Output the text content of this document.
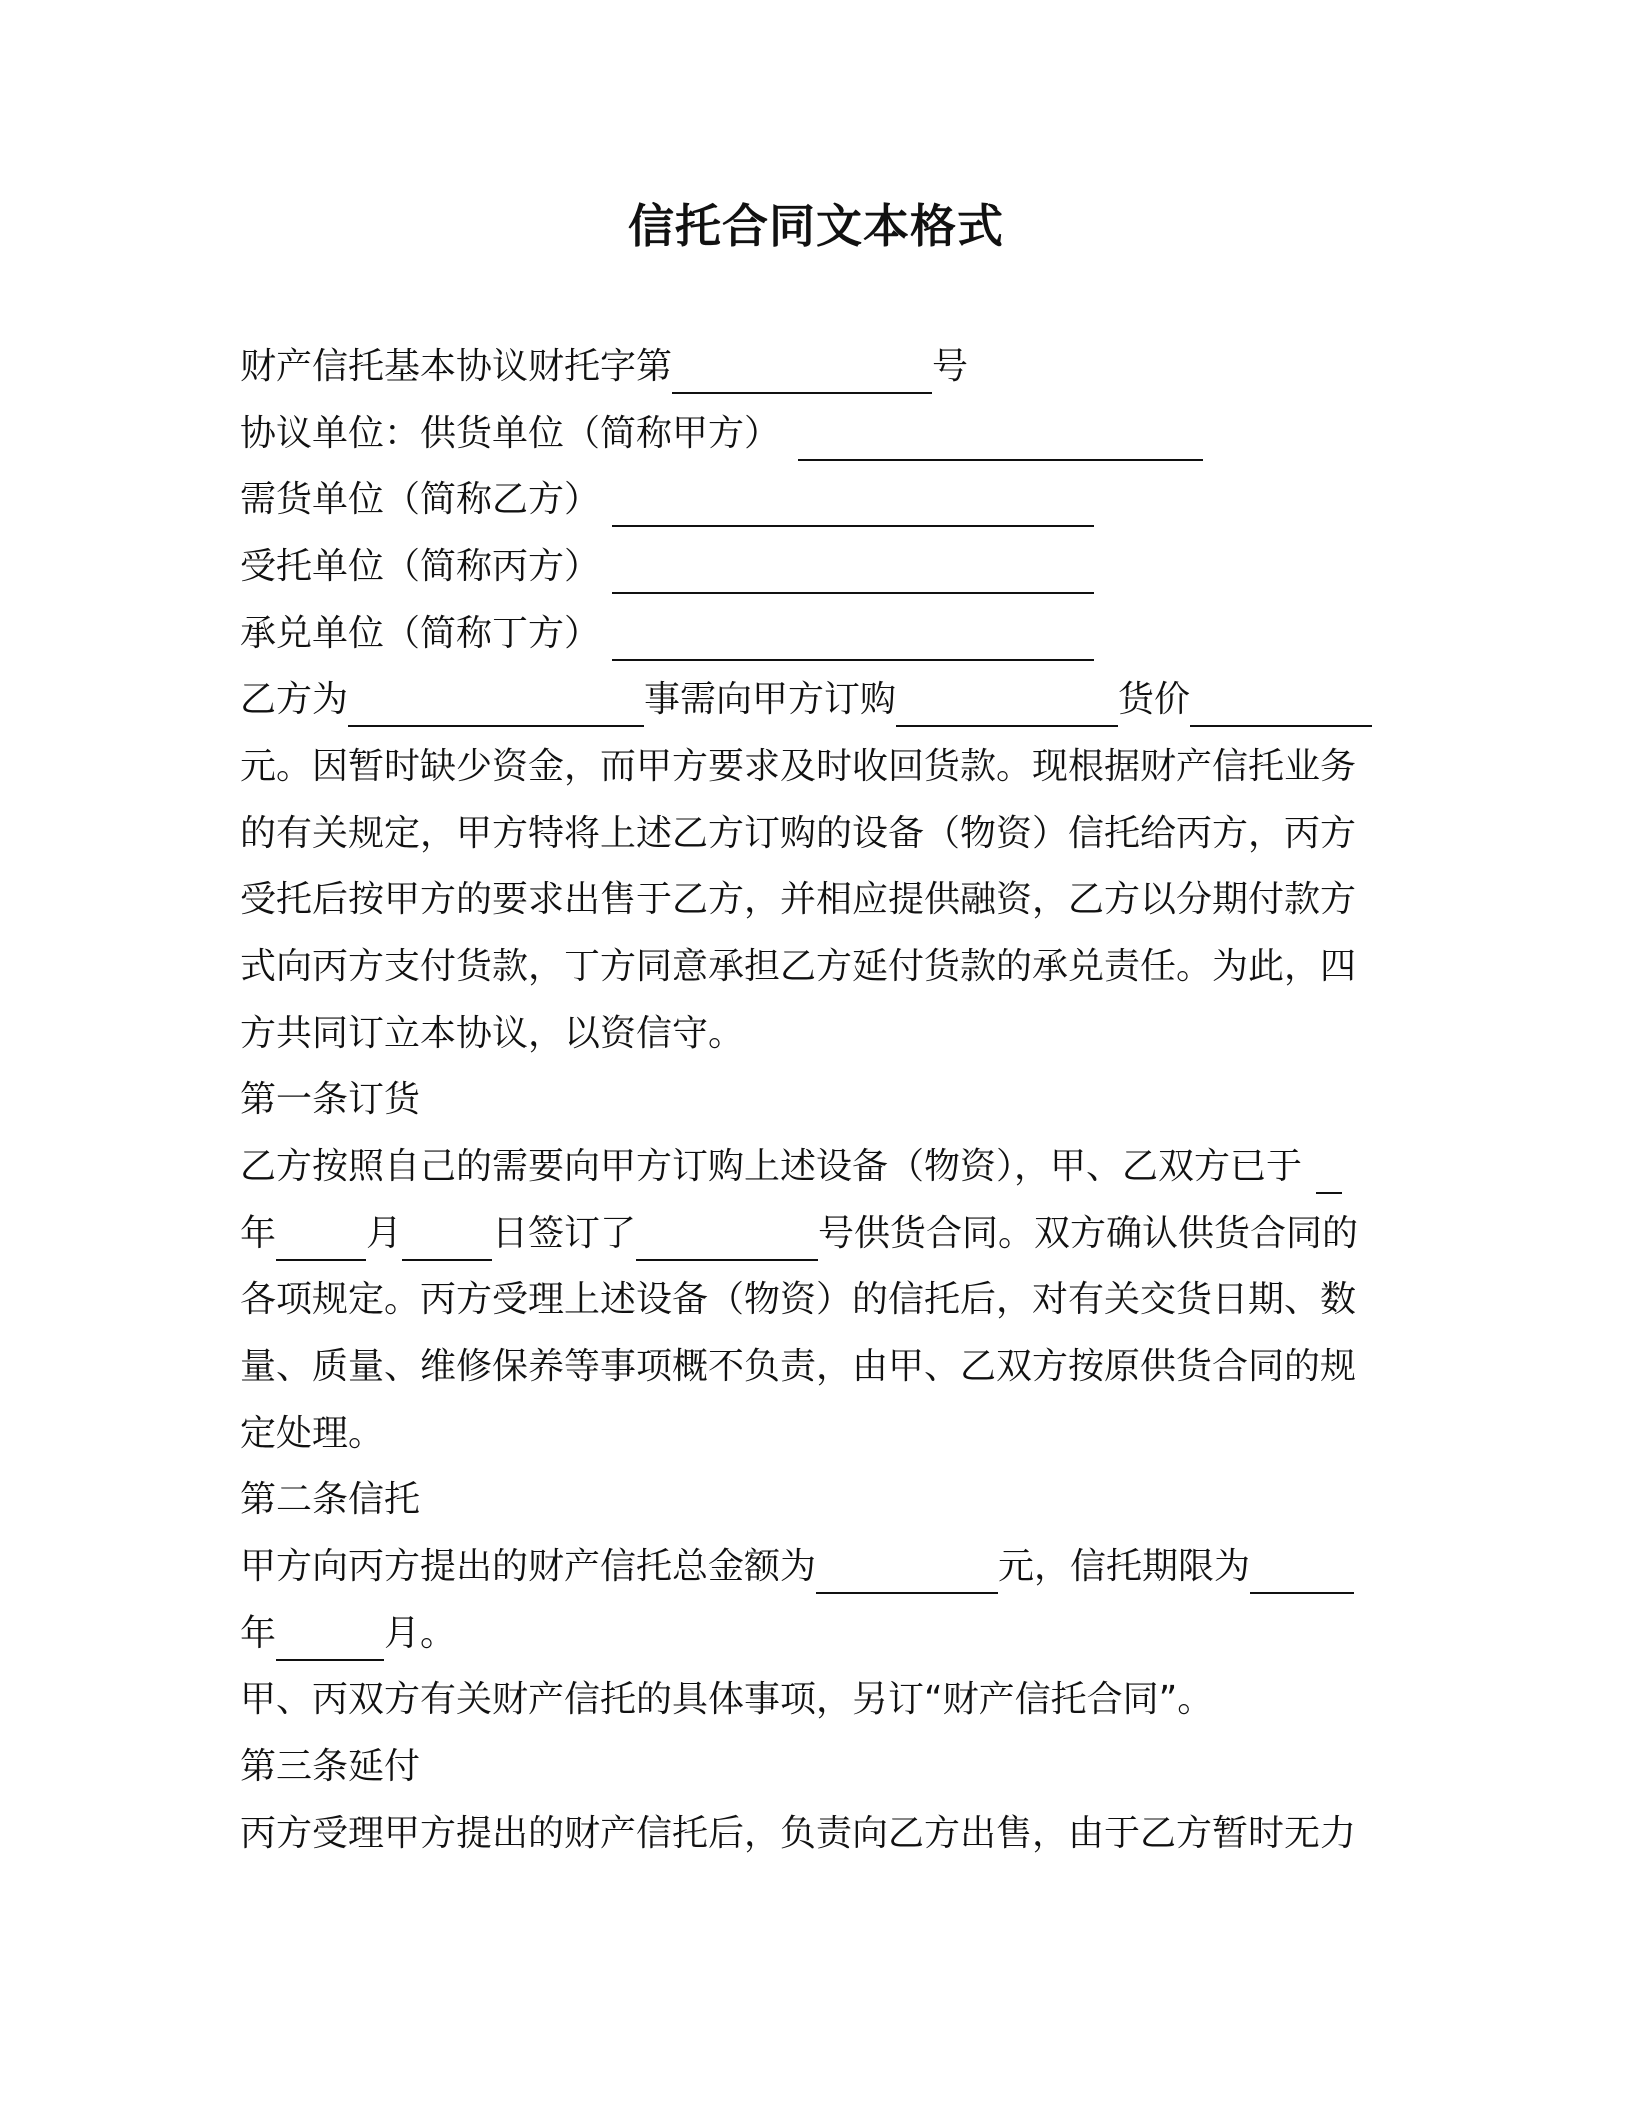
信托合同文本格式
财产信托基本协议财托字第	号
协议单位：供货单位（简称甲方）
需货单位（简称乙方）
受托单位（简称丙方）
承兑单位（简称丁方）
乙方为	事需向甲方订购	货价
元。因暂时缺少资金，而甲方要求及时收回货款。现根据财产信托业务
的有关规定，甲方特将上述乙方订购的设备（物资）信托给丙方，丙方
受托后按甲方的要求出售于乙方，并相应提供融资，乙方以分期付款方
式向丙方支付货款，丁方同意承担乙方延付货款的承兑责任。为此，四
方共同订立本协议，以资信守。
第一条订货
乙方按照自己的需要向甲方订购上述设备（物资），甲、乙双方已于
年	月	日签订了	号供货合同。双方确认供货合同的
各项规定。丙方受理上述设备（物资）的信托后，对有关交货日期、数
量、质量、维修保养等事项概不负责，由甲、乙双方按原供货合同的规
定处理。
第二条信托
甲方向丙方提出的财产信托总金额为	元，信托期限为
年	月。
甲、丙双方有关财产信托的具体事项，另订“财产信托合同”。
第三条延付
丙方受理甲方提出的财产信托后，负责向乙方出售，由于乙方暂时无力
